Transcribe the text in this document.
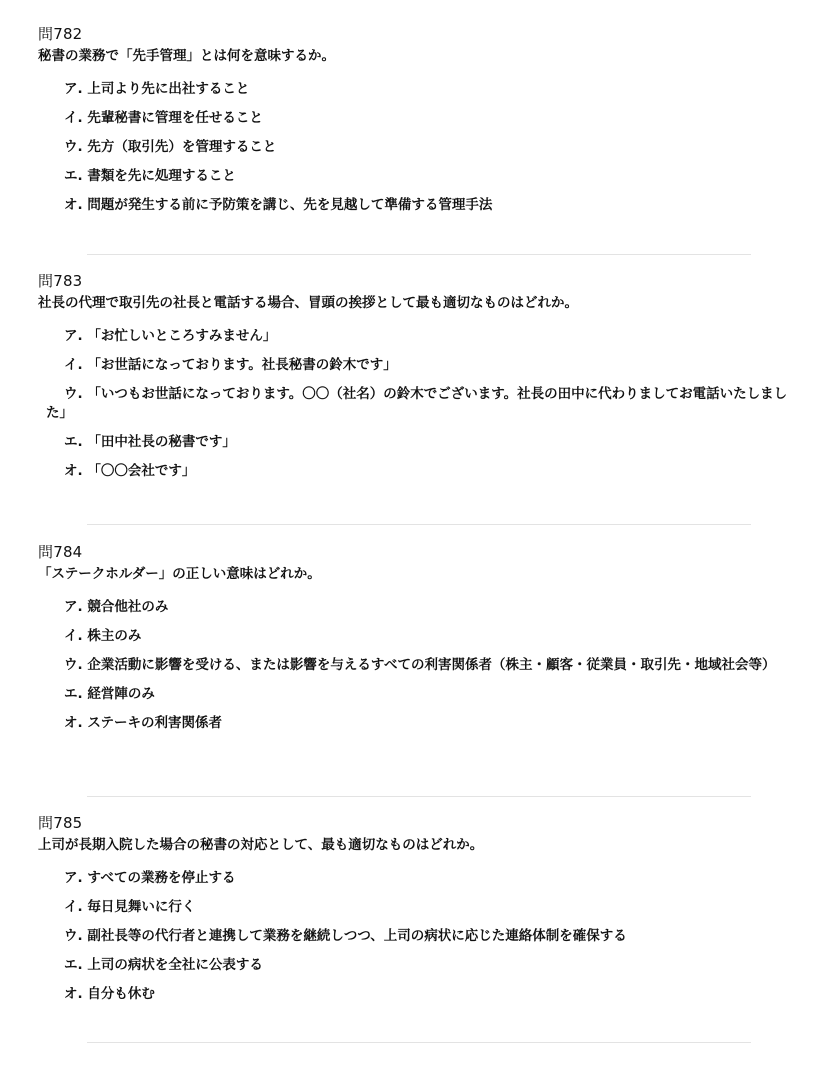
問782
秘書の業務で「先手管理」とは何を意味するか。
ア. 上司より先に出社すること
イ. 先輩秘書に管理を任せること
ウ. 先方（取引先）を管理すること
エ. 書類を先に処理すること
オ. 問題が発生する前に予防策を講じ、先を見越して準備する管理手法
問783
社長の代理で取引先の社長と電話する場合、冒頭の挨拶として最も適切なものはどれか。
ア. 「お忙しいところすみません」
イ. 「お世話になっております。社長秘書の鈴木です」
ウ. 「いつもお世話になっております。〇〇（社名）の鈴木でございます。社長の田中に代わりましてお電話いたしました」
エ. 「田中社長の秘書です」
オ. 「〇〇会社です」
問784
「ステークホルダー」の正しい意味はどれか。
ア. 競合他社のみ
イ. 株主のみ
ウ. 企業活動に影響を受ける、または影響を与えるすべての利害関係者（株主・顧客・従業員・取引先・地域社会等）
エ. 経営陣のみ
オ. ステーキの利害関係者
問785
上司が長期入院した場合の秘書の対応として、最も適切なものはどれか。
ア. すべての業務を停止する
イ. 毎日見舞いに行く
ウ. 副社長等の代行者と連携して業務を継続しつつ、上司の病状に応じた連絡体制を確保する
エ. 上司の病状を全社に公表する
オ. 自分も休む
